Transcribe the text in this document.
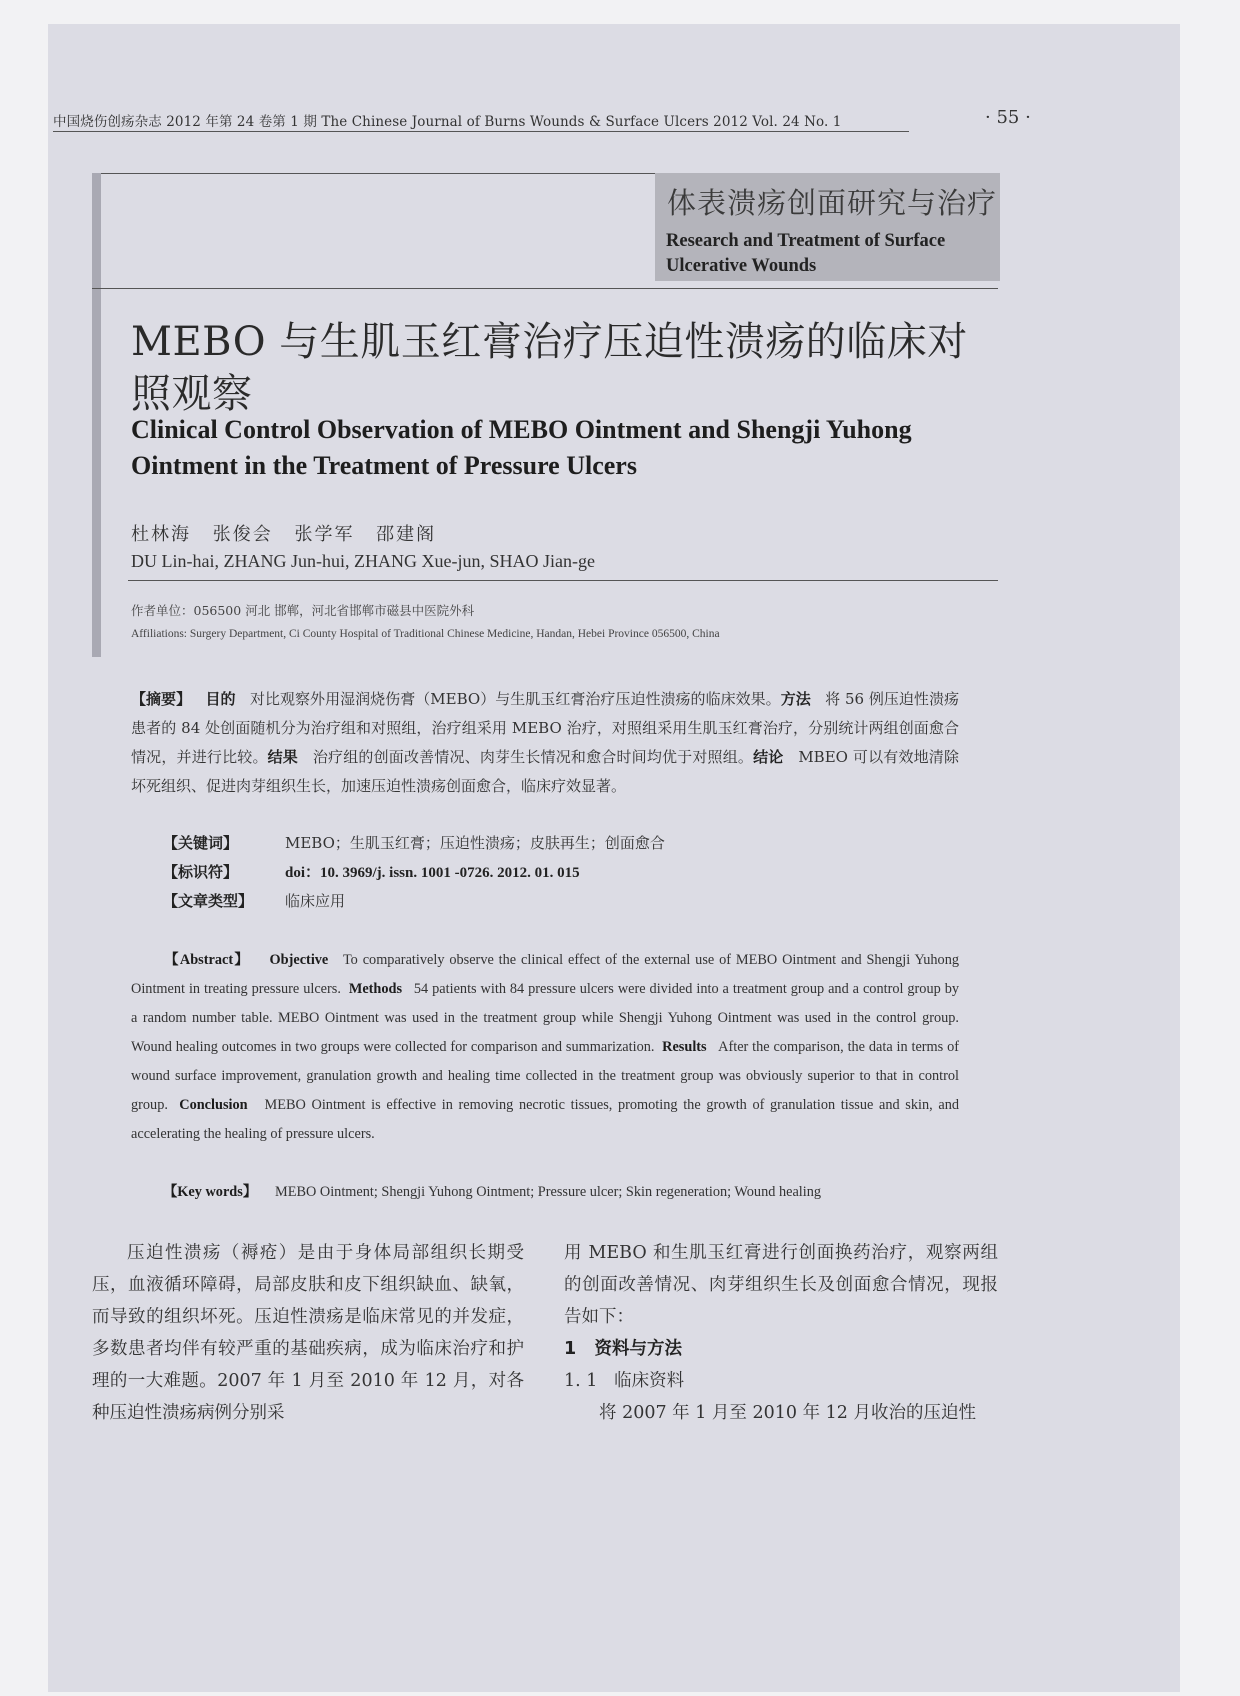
中国烧伤创疡杂志 2012 年第 24 卷第 1 期 The Chinese Journal of Burns Wounds & Surface Ulcers 2012 Vol. 24 No. 1	· 55 ·
体表溃疡创面研究与治疗
Research and Treatment of Surface
Ulcerative Wounds
MEBO 与生肌玉红膏治疗压迫性溃疡的临床对照观察
Clinical Control Observation of MEBO Ointment and Shengji Yuhong Ointment in the Treatment of Pressure Ulcers
杜林海 张俊会 张学军 邵建阁
DU Lin-hai, ZHANG Jun-hui, ZHANG Xue-jun, SHAO Jian-ge
作者单位：056500 河北 邯郸，河北省邯郸市磁县中医院外科
Affiliations: Surgery Department, Ci County Hospital of Traditional Chinese Medicine, Handan, Hebei Province 056500, China
【摘要】 目的 对比观察外用湿润烧伤膏（MEBO）与生肌玉红膏治疗压迫性溃疡的临床效果。方法 将 56 例压迫性溃疡患者的 84 处创面随机分为治疗组和对照组，治疗组采用 MEBO 治疗，对照组采用生肌玉红膏治疗，分别统计两组创面愈合情况，并进行比较。结果 治疗组的创面改善情况、肉芽生长情况和愈合时间均优于对照组。结论 MBEO 可以有效地清除坏死组织、促进肉芽组织生长，加速压迫性溃疡创面愈合，临床疗效显著。
【关键词】	MEBO；生肌玉红膏；压迫性溃疡；皮肤再生；创面愈合
【标识符】	doi：10. 3969/j. issn. 1001 -0726. 2012. 01. 015
【文章类型】 临床应用
【Abstract】 Objective To comparatively observe the clinical effect of the external use of MEBO Ointment and Shengji Yuhong Ointment in treating pressure ulcers. Methods 54 patients with 84 pressure ulcers were divided into a treatment group and a control group by a random number table. MEBO Ointment was used in the treatment group while Shengji Yuhong Ointment was used in the control group. Wound healing outcomes in two groups were collected for comparison and summarization. Results After the comparison, the data in terms of wound surface improvement, granulation growth and healing time collected in the treatment group was obviously superior to that in control group. Conclusion MEBO Ointment is effective in removing necrotic tissues, promoting the growth of granulation tissue and skin, and accelerating the healing of pressure ulcers.
【Key words】 MEBO Ointment; Shengji Yuhong Ointment; Pressure ulcer; Skin regeneration; Wound healing

压迫性溃疡（褥疮）是由于身体局部组织长期受压，血液循环障碍，局部皮肤和皮下组织缺血、缺氧，而导致的组织坏死。压迫性溃疡是临床常见的并发症，多数患者均伴有较严重的基础疾病，成为临床治疗和护理的一大难题。2007 年 1 月至 2010 年 12 月，对各种压迫性溃疡病例分别采

用 MEBO 和生肌玉红膏进行创面换药治疗，观察两组的创面改善情况、肉芽组织生长及创面愈合情况，现报告如下：

1   资料与方法

1. 1   临床资料

将 2007 年 1 月至 2010 年 12 月收治的压迫性
